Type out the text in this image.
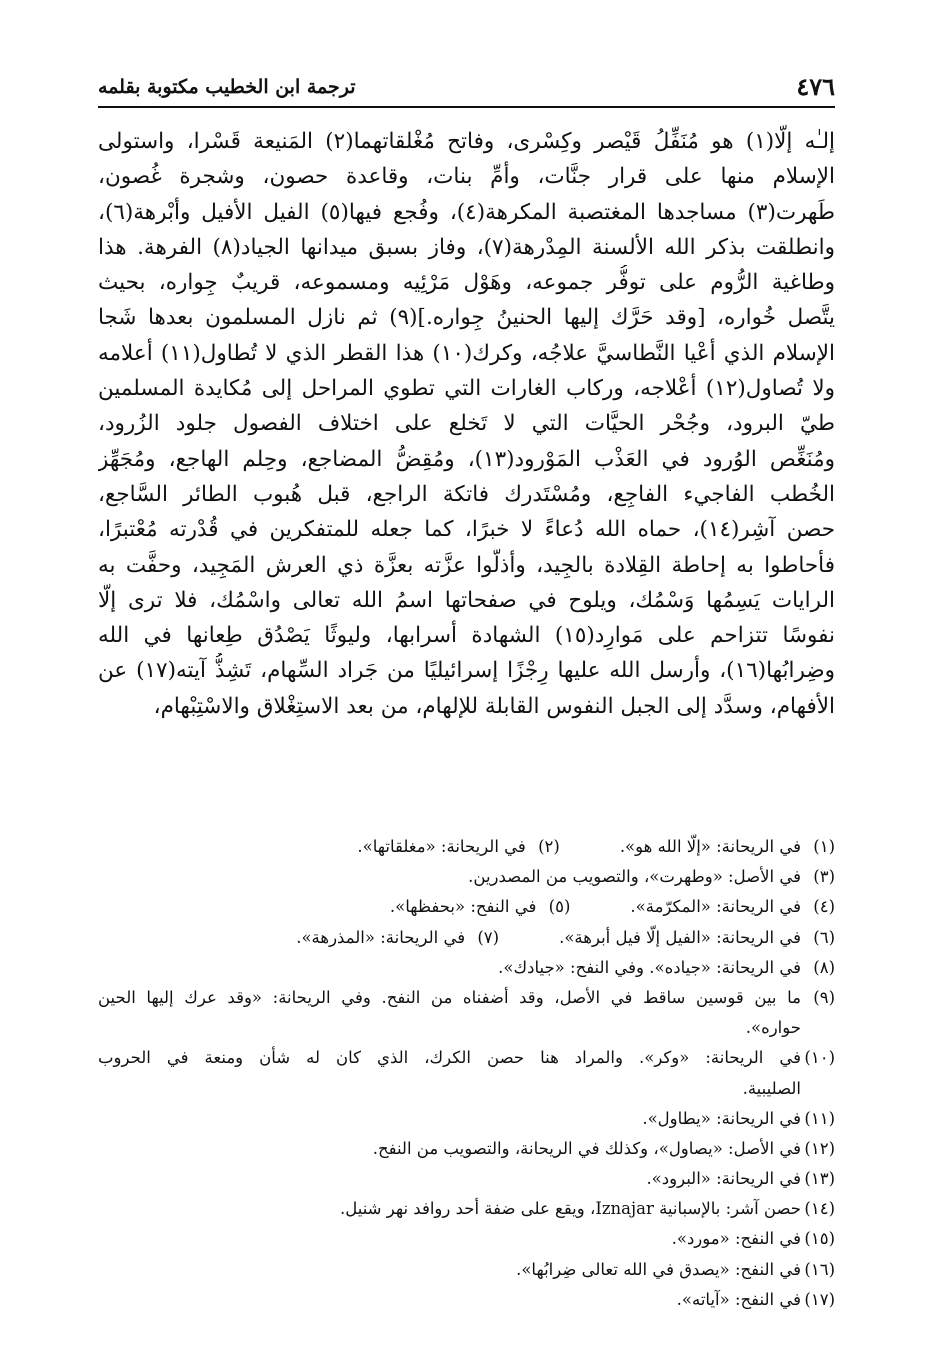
٤٧٦
ترجمة ابن الخطيب مكتوبة بقلمه
إلـٰه إلّا(١) هو مُنَفِّلُ قَيْصر وكِسْرى، وفاتح مُغْلقاتهما(٢) المَنيعة قَسْرا، واستولى
الإسلام منها على قرار جنَّات، وأمِّ بنات، وقاعدة حصون، وشجرة غُصون،
طَهرت(٣) مساجدها المغتصبة المكرهة(٤)، وفُجع فيها(٥) الفيل الأفيل وأبْرهة(٦)،
وانطلقت بذكر الله الألسنة المِدْرهة(٧)، وفاز بسبق ميدانها الجياد(٨) الفرهة. هذا
وطاغية الرُّوم على توفُّر جموعه، وهَوْل مَرْئِيه ومسموعه، قريبٌ جِواره، بحيث
يتَّصل خُواره، [وقد حَرَّك إليها الحنينُ جِواره.](٩) ثم نازل المسلمون بعدها شَجا
الإسلام الذي أعْيا النَّطاسيَّ علاجُه، وكرك(١٠) هذا القطر الذي لا تُطاول(١١) أعلامه
ولا تُصاول(١٢) أعْلاجه، وركاب الغارات التي تطوي المراحل إلى مُكايدة المسلمين
طيّ البرود، وجُحْر الحيَّات التي لا تَخلع على اختلاف الفصول جلود الزُرود،
ومُنَغِّص الوُرود في العَذْب المَوْرود(١٣)، ومُقِضُّ المضاجع، وحِلم الهاجع، ومُجَهِّز
الخُطب الفاجيء الفاجِع، ومُسْتَدرك فاتكة الراجع، قبل هُبوب الطائر السَّاجع،
حصن آشِر(١٤)، حماه الله دُعاءً لا خبرًا، كما جعله للمتفكرين في قُدْرته مُعْتبرًا،
فأحاطوا به إحاطة القِلادة بالجِيد، وأذلُّوا عزَّته بعزَّة ذي العرش المَجِيد، وحفَّت به
الرايات يَسِمُها وَسْمُك، ويلوح في صفحاتها اسمُ الله تعالى واسْمُك، فلا ترى إلَّا
نفوسًا تتزاحم على مَوارِد(١٥) الشهادة أسرابها، وليوثًا يَصْدُق طِعانها في الله
وضِرابُها(١٦)، وأرسل الله عليها رِجْزًا إسرائيليًا من جَراد السِّهام، تَشِذُّ آيته(١٧) عن
الأفهام، وسدَّد إلى الجبل النفوس القابلة للإلهام، من بعد الاستِغْلاق والاسْتِبْهام،
(١)في الريحانة: «إلّا الله هو».
(٢)في الريحانة: «مغلقاتها».
(٣)
في الأصل: «وطهرت»، والتصويب من المصدرين.
(٤)في الريحانة: «المكرّمة».
(٥)في النفح: «بحفظها».
(٦)في الريحانة: «الفيل إلّا فيل أبرهة».
(٧)في الريحانة: «المذرهة».
(٨)
في الريحانة: «جياده». وفي النفح: «جيادك».
(٩)
ما بين قوسين ساقط في الأصل، وقد أضفناه من النفح. وفي الريحانة: «وقد عرك إليها الحين
حواره».
(١٠)
في الريحانة: «وكر». والمراد هنا حصن الكرك، الذي كان له شأن ومنعة في الحروب
الصليبية.
(١١)
في الريحانة: «يطاول».
(١٢)
في الأصل: «يصاول»، وكذلك في الريحانة، والتصويب من النفح.
(١٣)
في الريحانة: «البرود».
(١٤)
حصن آشر: بالإسبانية Iznajar، ويقع على ضفة أحد روافد نهر شنيل.
(١٥)
في النفح: «مورد».
(١٦)
في النفح: «يصدق في الله تعالى ضِرابُها».
(١٧)
في النفح: «آياته».
